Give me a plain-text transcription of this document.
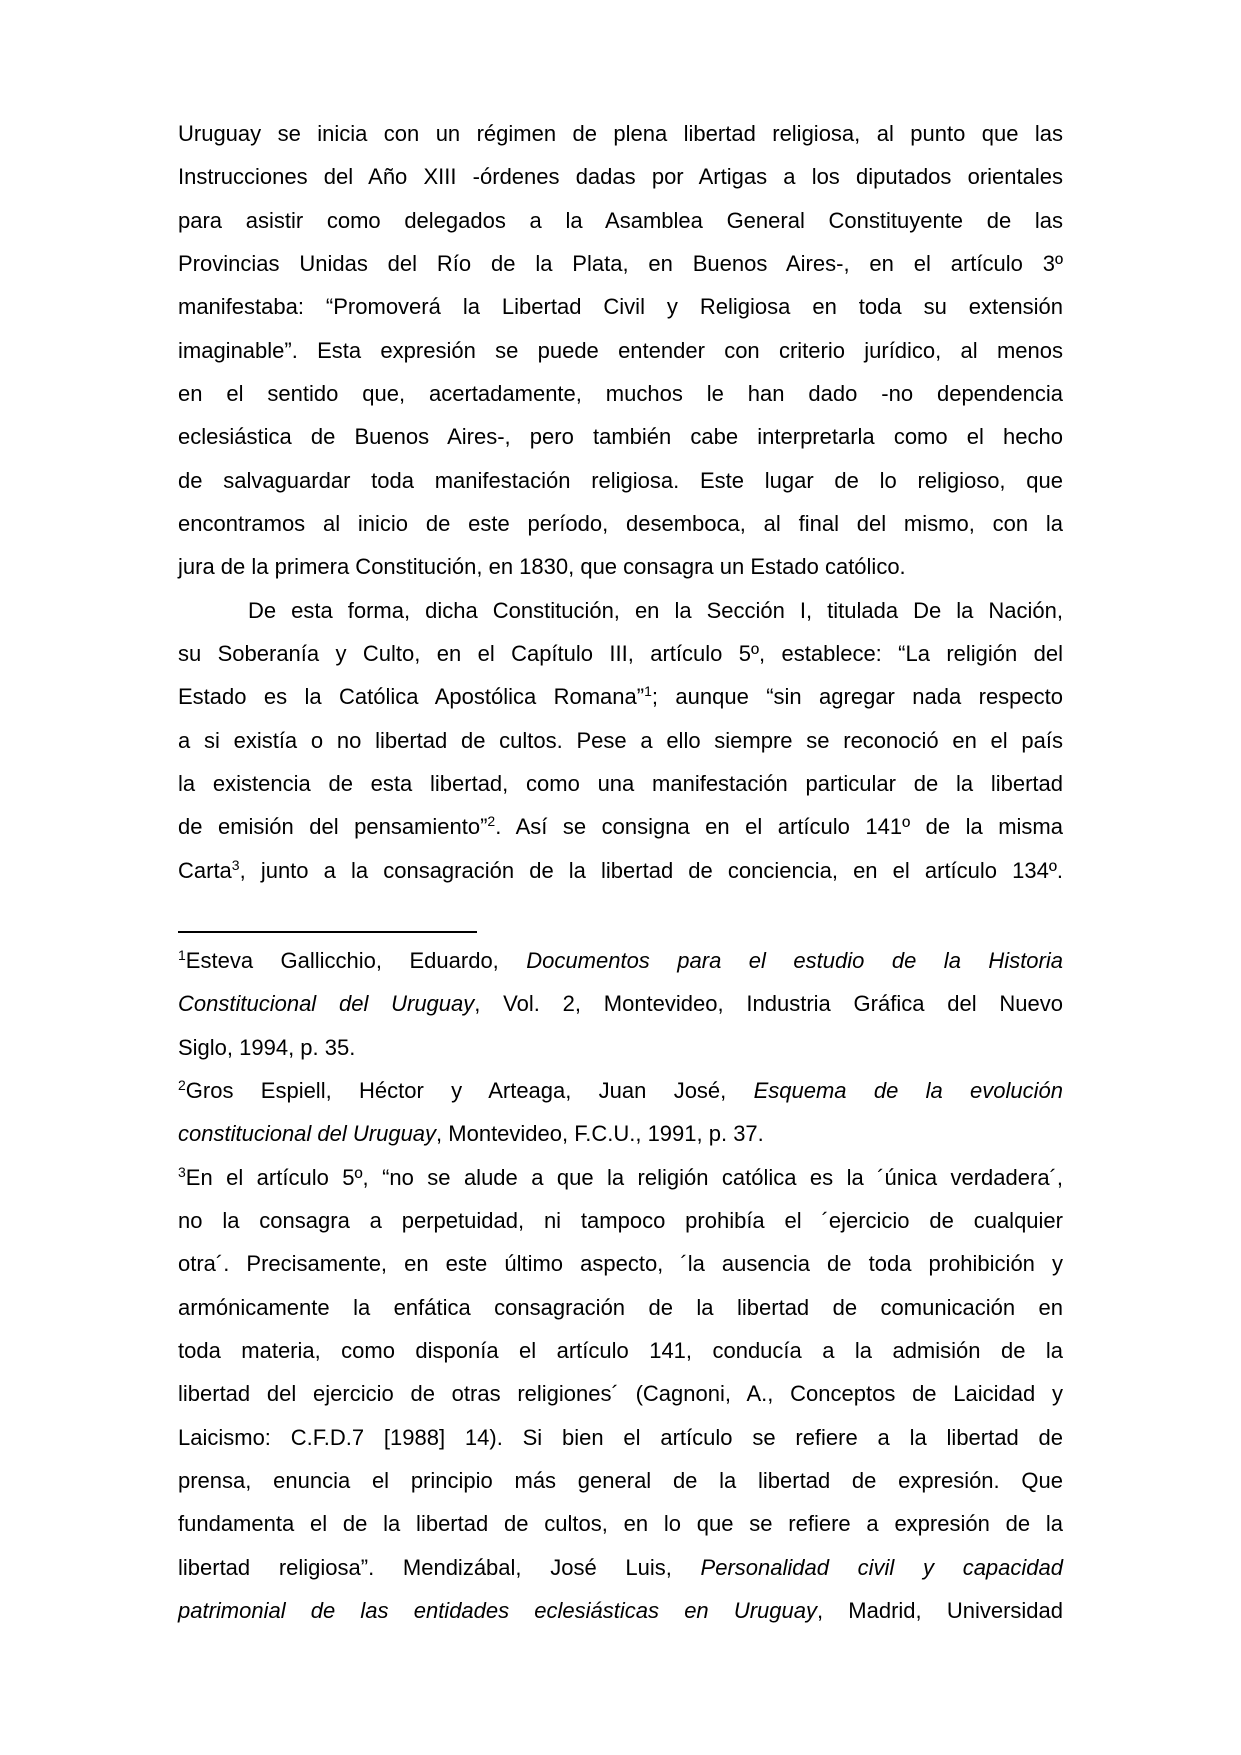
Uruguay se inicia con un régimen de plena libertad religiosa, al punto que las
Instrucciones del Año XIII -órdenes dadas por Artigas a los diputados orientales
para asistir como delegados a la Asamblea General Constituyente de las
Provincias Unidas del Río de la Plata, en Buenos Aires-, en el artículo 3º
manifestaba: “Promoverá la Libertad Civil y Religiosa en toda su extensión
imaginable”. Esta expresión se puede entender con criterio jurídico, al menos
en el sentido que, acertadamente, muchos le han dado -no dependencia
eclesiástica de Buenos Aires-, pero también cabe interpretarla como el hecho
de salvaguardar toda manifestación religiosa. Este lugar de lo religioso, que
encontramos al inicio de este período, desemboca, al final del mismo, con la
jura de la primera Constitución, en 1830, que consagra un Estado católico.
De esta forma, dicha Constitución, en la Sección I, titulada De la Nación,
su Soberanía y Culto, en el Capítulo III, artículo 5º, establece: “La religión del
Estado es la Católica Apostólica Romana”$^1$; aunque “sin agregar nada respecto
a si existía o no libertad de cultos. Pese a ello siempre se reconoció en el país
la existencia de esta libertad, como una manifestación particular de la libertad
de emisión del pensamiento”$^2$. Así se consigna en el artículo 141º de la misma
Carta$^3$, junto a la consagración de la libertad de conciencia, en el artículo 134º.
$^1$Esteva Gallicchio, Eduardo, Documentos para el estudio de la Historia
Constitucional del Uruguay, Vol. 2, Montevideo, Industria Gráfica del Nuevo
Siglo, 1994, p. 35.
$^2$Gros Espiell, Héctor y Arteaga, Juan José, Esquema de la evolución
constitucional del Uruguay, Montevideo, F.C.U., 1991, p. 37.
$^3$En el artículo 5º, “no se alude a que la religión católica es la ´única verdadera´,
no la consagra a perpetuidad, ni tampoco prohibía el ´ejercicio de cualquier
otra´. Precisamente, en este último aspecto, ´la ausencia de toda prohibición y
armónicamente la enfática consagración de la libertad de comunicación en
toda materia, como disponía el artículo 141, conducía a la admisión de la
libertad del ejercicio de otras religiones´ (Cagnoni, A., Conceptos de Laicidad y
Laicismo: C.F.D.7 [1988] 14). Si bien el artículo se refiere a la libertad de
prensa, enuncia el principio más general de la libertad de expresión. Que
fundamenta el de la libertad de cultos, en lo que se refiere a expresión de la
libertad religiosa”. Mendizábal, José Luis, Personalidad civil y capacidad
patrimonial de las entidades eclesiásticas en Uruguay, Madrid, Universidad
